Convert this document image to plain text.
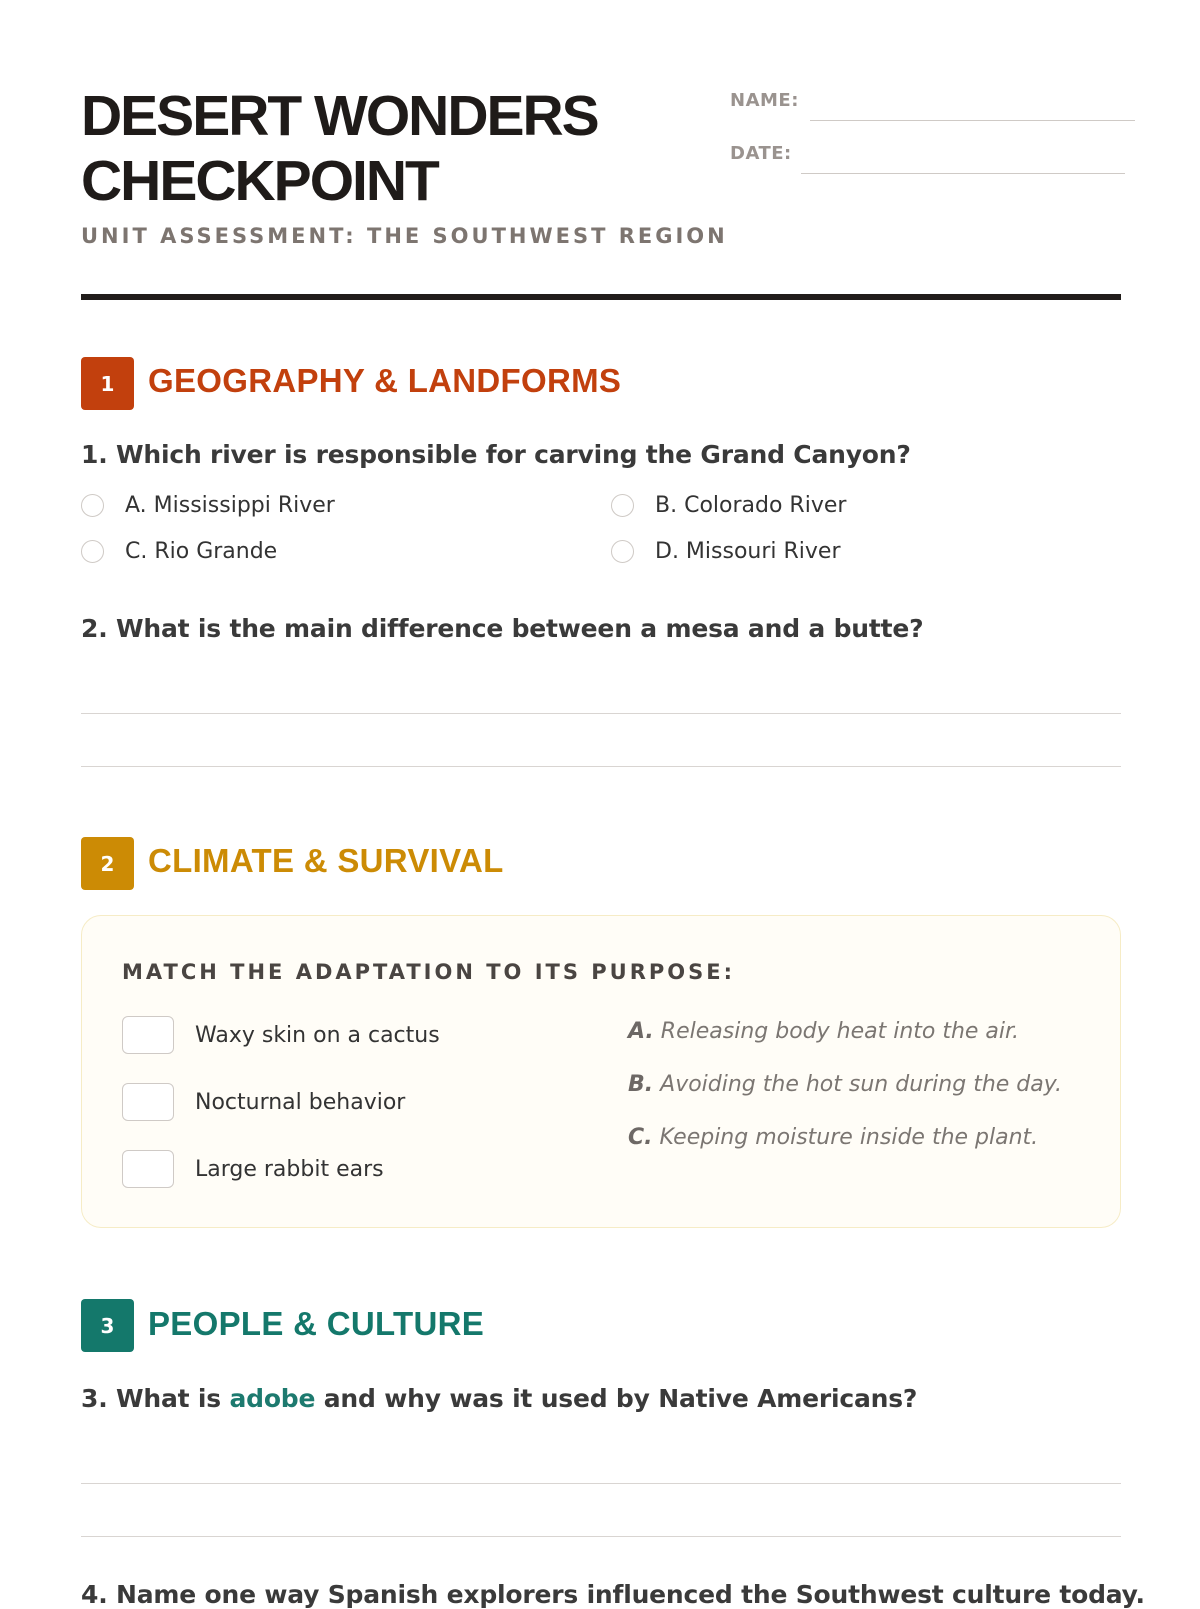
DESERT WONDERS
CHECKPOINT
UNIT ASSESSMENT: THE SOUTHWEST REGION
NAME:
DATE:
1	GEOGRAPHY & LANDFORMS
1. Which river is responsible for carving the Grand Canyon?
A. Mississippi River	B. Colorado River
C. Rio Grande	D. Missouri River
2. What is the main difference between a mesa and a butte?
2	CLIMATE & SURVIVAL
MATCH THE ADAPTATION TO ITS PURPOSE:
Waxy skin on a cactus
Nocturnal behavior
Large rabbit ears
A. Releasing body heat into the air.
B. Avoiding the hot sun during the day.
C. Keeping moisture inside the plant.
3	PEOPLE & CULTURE
3. What is adobe and why was it used by Native Americans?
4. Name one way Spanish explorers influenced the Southwest culture today.
